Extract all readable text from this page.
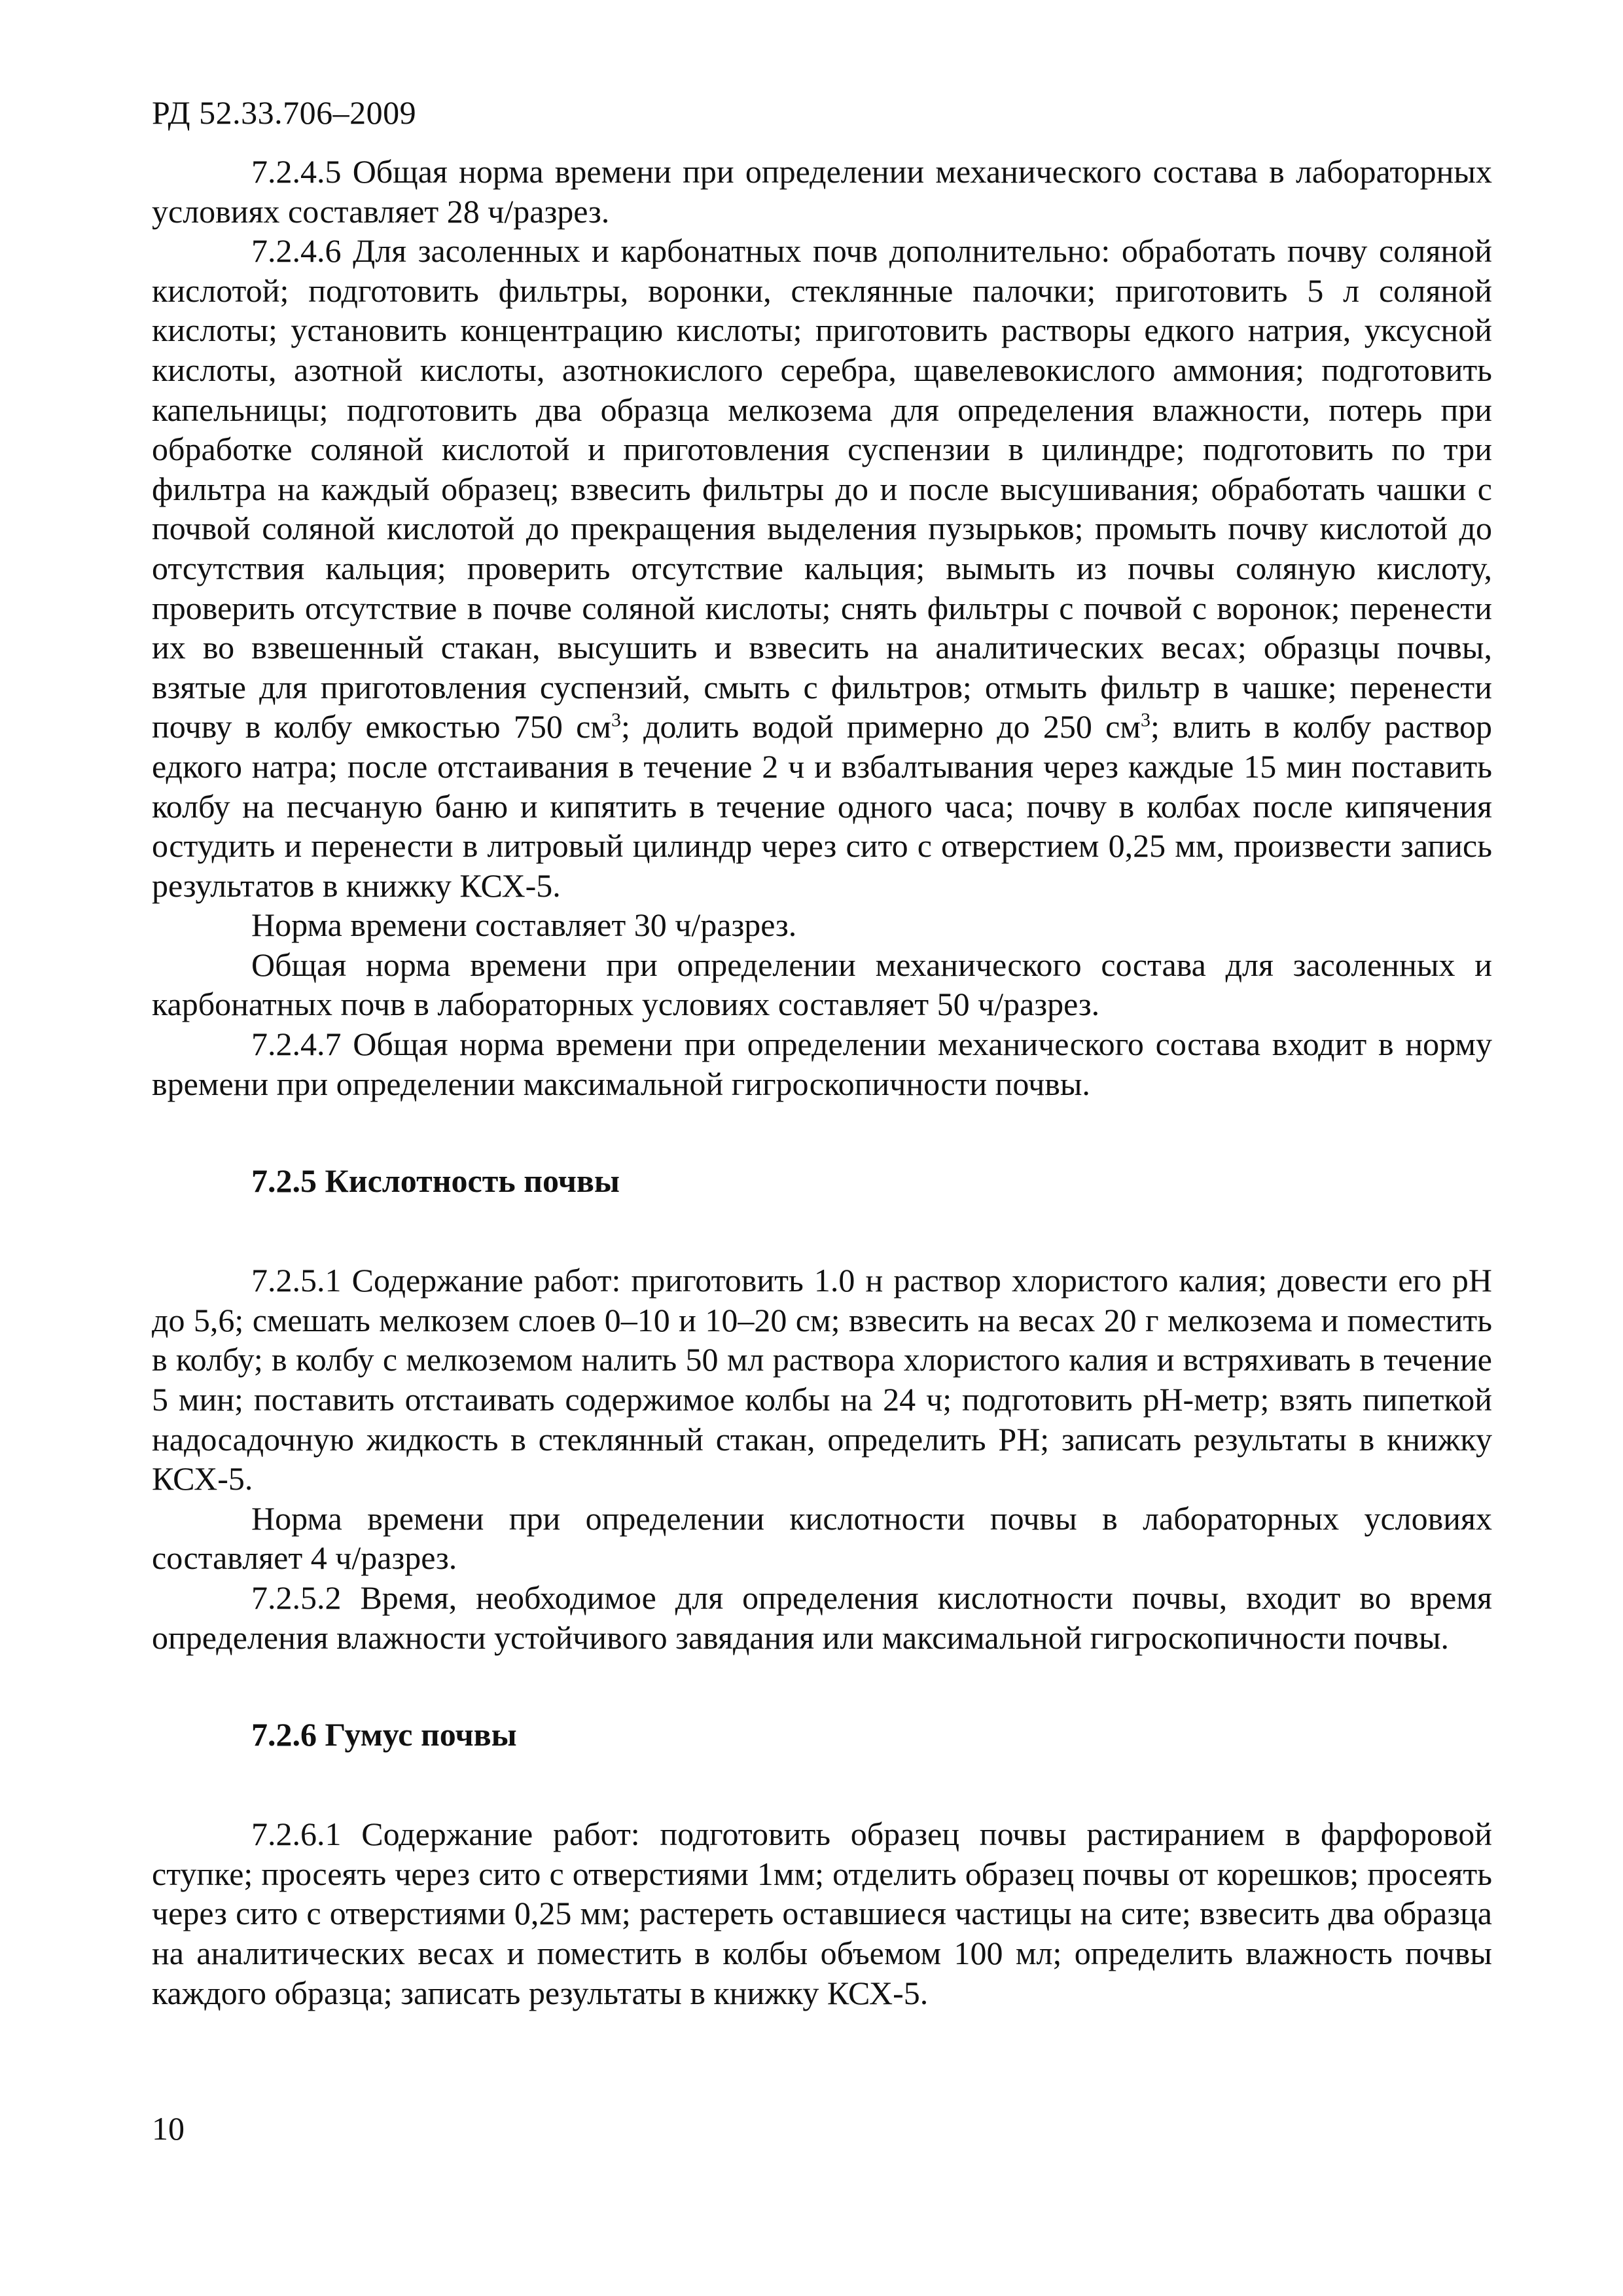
РД 52.33.706–2009

7.2.4.5 Общая норма времени при определении механического состава в лабораторных условиях составляет 28 ч/разрез.

7.2.4.6 Для засоленных и карбонатных почв дополнительно: обработать почву соляной кислотой; подготовить фильтры, воронки, стеклянные палочки; приготовить 5 л соляной кислоты; установить концентрацию кислоты; приготовить растворы едкого натрия, уксусной кислоты, азотной кислоты, азотнокислого серебра, щавелевокислого аммония; подготовить капельницы; подготовить два образца мелкозема для определения влажности, потерь при обработке соляной кислотой и приготовления суспензии в цилиндре; подготовить по три фильтра на каждый образец; взвесить фильтры до и после высушивания; обработать чашки с почвой соляной кислотой до прекращения выделения пузырьков; промыть почву кислотой до отсутствия кальция; проверить отсутствие кальция; вымыть из почвы соляную кислоту, проверить отсутствие в почве соляной кислоты; снять фильтры с почвой с воронок; перенести их во взвешенный стакан, высушить и взвесить на аналитических весах; образцы почвы, взятые для приготовления суспензий, смыть с фильтров; отмыть фильтр в чашке; перенести почву в колбу емкостью 750 $см^3$; долить водой примерно до 250 $см^3$; влить в колбу раствор едкого натра; после отстаивания в течение 2 ч и взбалтывания через каждые 15 мин поставить колбу на песчаную баню и кипятить в течение одного часа; почву в колбах после кипячения остудить и перенести в литровый цилиндр через сито с отверстием 0,25 мм, произвести запись результатов в книжку КСХ-5.

Норма времени составляет 30 ч/разрез.

Общая норма времени при определении механического состава для засоленных и карбонатных почв в лабораторных условиях составляет 50 ч/разрез.

7.2.4.7 Общая норма времени при определении механического состава входит в норму времени при определении максимальной гигроскопичности почвы.

7.2.5 Кислотность почвы

7.2.5.1 Содержание работ: приготовить 1.0 н раствор хлористого калия; довести его pH до 5,6; смешать мелкозем слоев 0–10 и 10–20 см; взвесить на весах 20 г мелкозема и поместить в колбу; в колбу с мелкоземом налить 50 мл раствора хлористого калия и встряхивать в течение 5 мин; поставить отстаивать содержимое колбы на 24 ч; подготовить pH-метр; взять пипеткой надосадочную жидкость в стеклянный стакан, определить РН; записать результаты в книжку КСХ-5.

Норма времени при определении кислотности почвы в лабораторных условиях составляет 4 ч/разрез.

7.2.5.2 Время, необходимое для определения кислотности почвы, входит во время определения влажности устойчивого завядания или максимальной гигроскопичности почвы.

7.2.6 Гумус почвы

7.2.6.1 Содержание работ: подготовить образец почвы растиранием в фарфоровой ступке; просеять через сито с отверстиями 1мм; отделить образец почвы от корешков; просеять через сито с отверстиями 0,25 мм; растереть оставшиеся частицы на сите; взвесить два образца на аналитических весах и поместить в колбы объемом 100 мл; определить влажность почвы каждого образца; записать результаты в книжку КСХ-5.

10
